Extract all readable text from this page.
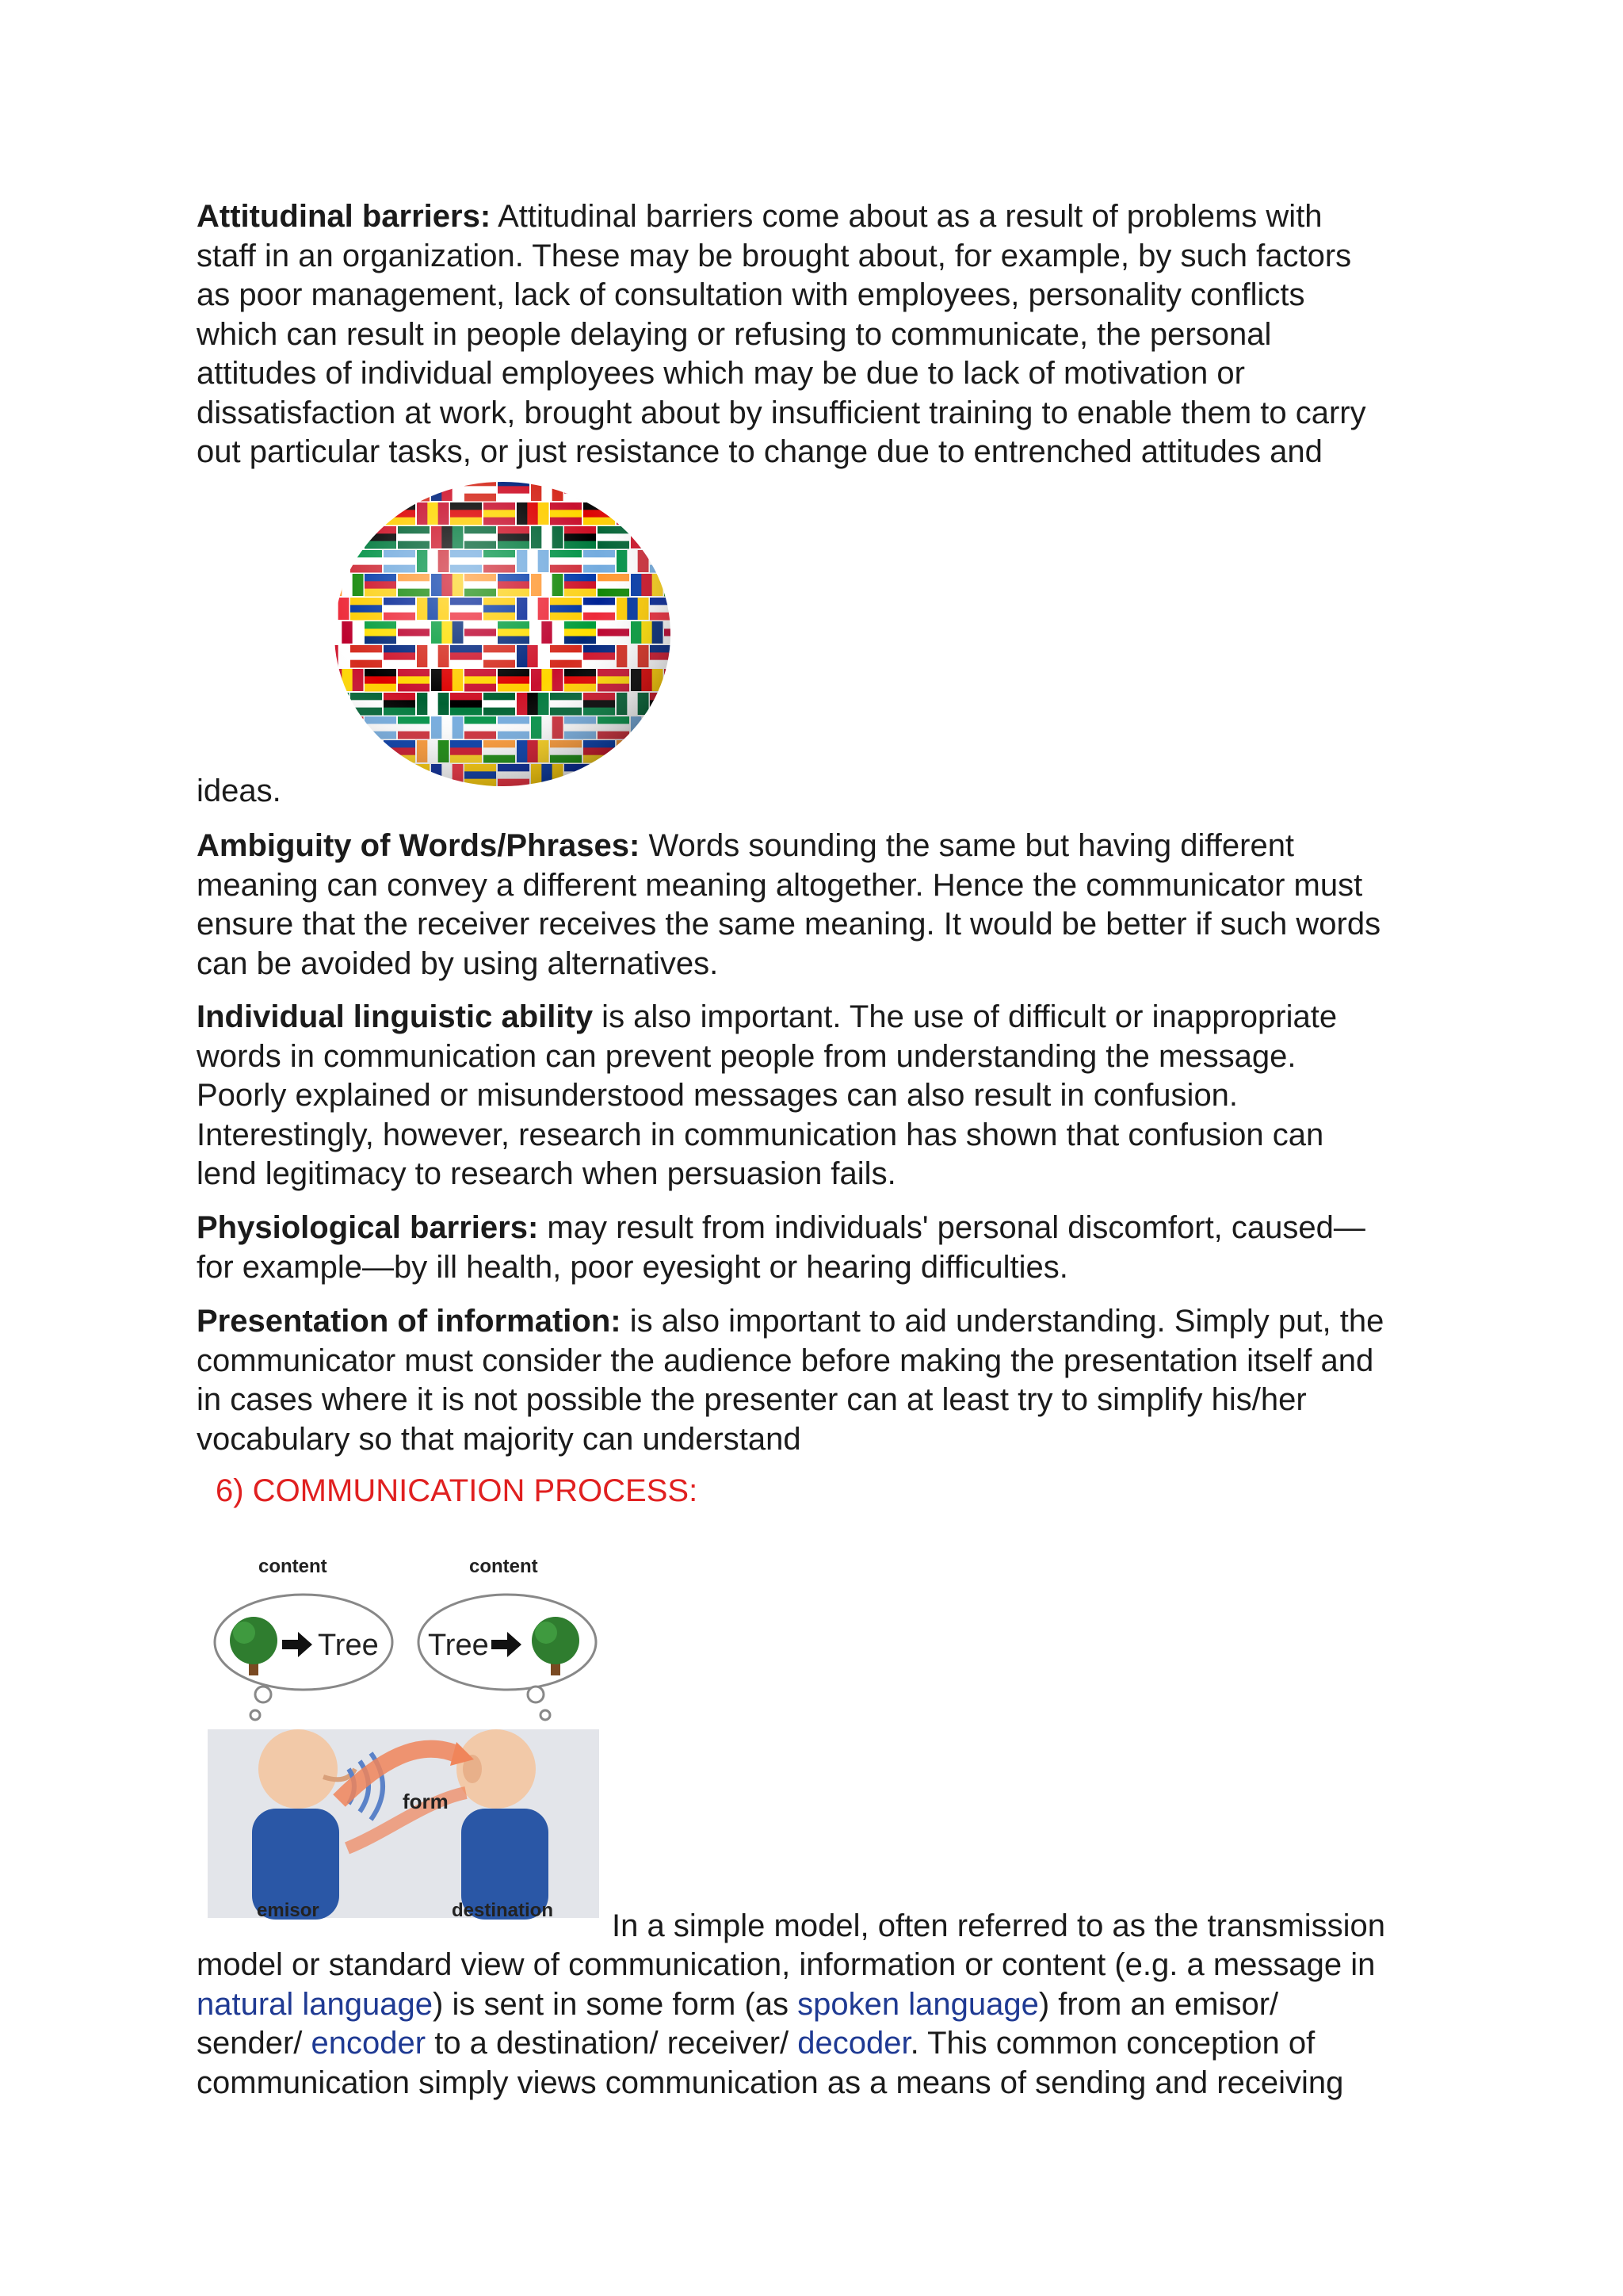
Attitudinal barriers: Attitudinal barriers come about as a result of problems with

staff in an organization. These may be brought about, for example, by such factors

as poor management, lack of consultation with employees, personality conflicts

which can result in people delaying or refusing to communicate, the personal

attitudes of individual employees which may be due to lack of motivation or

dissatisfaction at work, brought about by insufficient training to enable them to carry

out particular tasks, or just resistance to change due to entrenched attitudes and

ideas.

Ambiguity of Words/Phrases: Words sounding the same but having different

meaning can convey a different meaning altogether. Hence the communicator must

ensure that the receiver receives the same meaning. It would be better if such words

can be avoided by using alternatives.

Individual linguistic ability is also important. The use of difficult or inappropriate

words in communication can prevent people from understanding the message.

Poorly explained or misunderstood messages can also result in confusion.

Interestingly, however, research in communication has shown that confusion can

lend legitimacy to research when persuasion fails.

Physiological barriers: may result from individuals' personal discomfort, caused—

for example—by ill health, poor eyesight or hearing difficulties.

Presentation of information: is also important to aid understanding. Simply put, the

communicator must consider the audience before making the presentation itself and

in cases where it is not possible the presenter can at least try to simplify his/her

vocabulary so that majority can understand

6) COMMUNICATION PROCESS:
Tree Tree
content	content
form
emisor	destination In a simple model, often referred to as the transmission

model or standard view of communication, information or content (e.g. a message in

natural language) is sent in some form (as spoken language) from an emisor/

sender/ encoder to a destination/ receiver/ decoder. This common conception of

communication simply views communication as a means of sending and receiving
